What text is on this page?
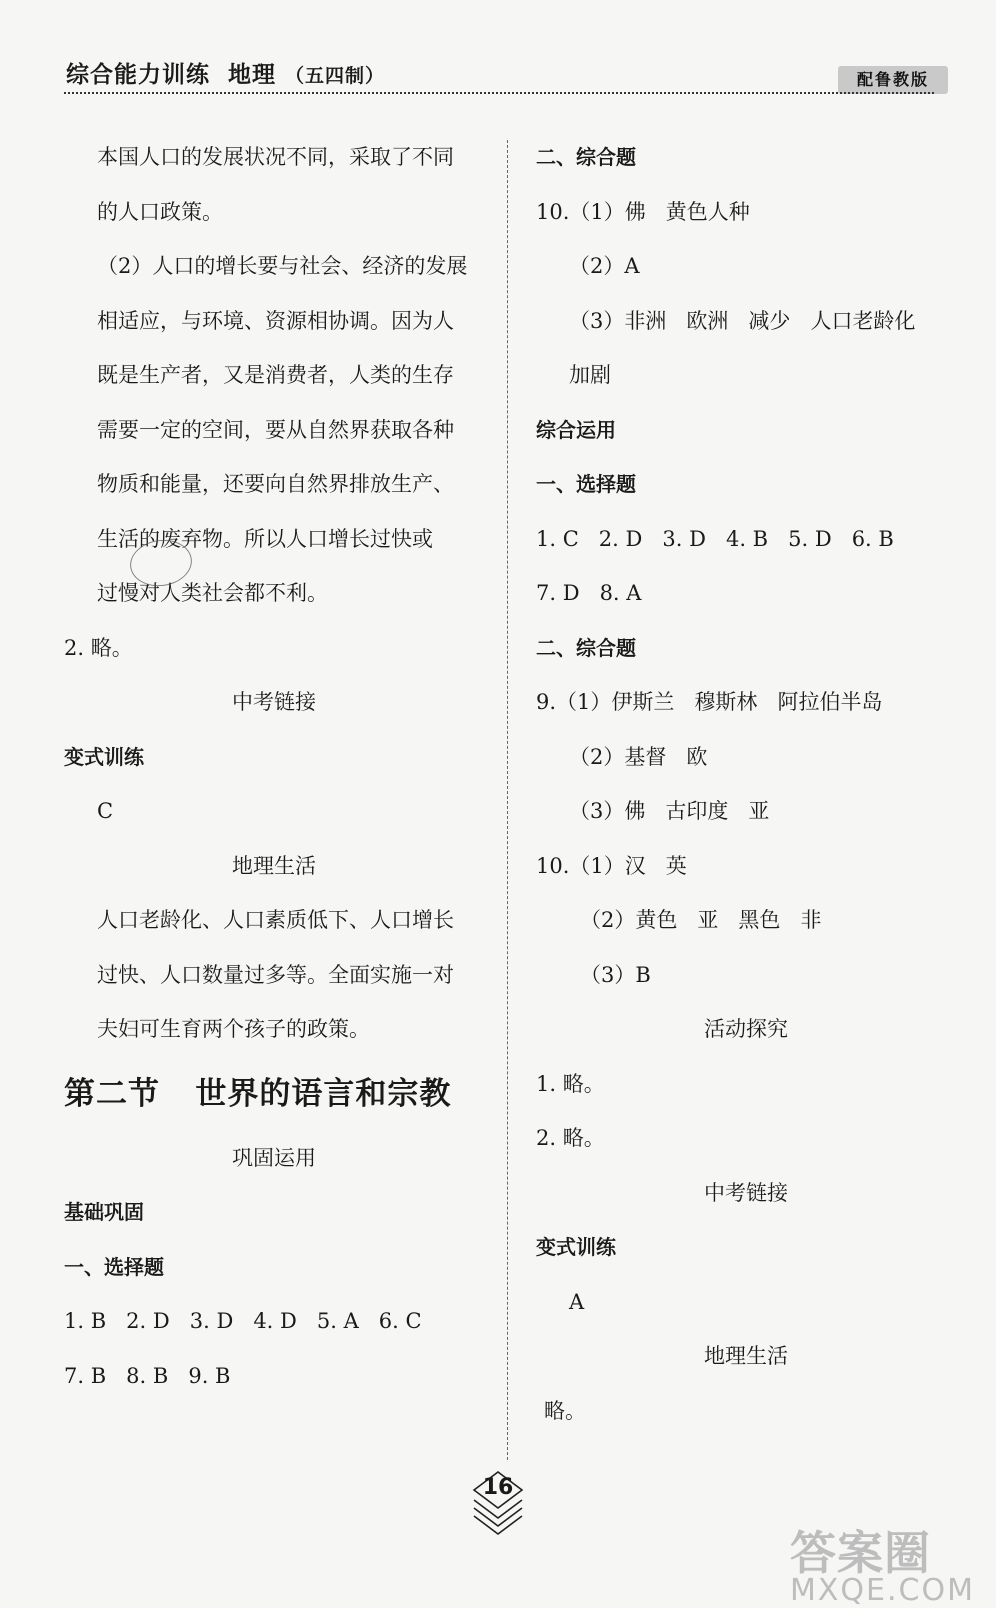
综合能力训练  地理 （五四制）	配鲁教版
本国人口的发展状况不同，采取了不同
的人口政策。
（2）人口的增长要与社会、经济的发展
相适应，与环境、资源相协调。因为人
既是生产者，又是消费者，人类的生存
需要一定的空间，要从自然界获取各种
物质和能量，还要向自然界排放生产、
生活的废弃物。所以人口增长过快或
过慢对人类社会都不利。
2. 略。
中考链接
变式训练
C
地理生活
人口老龄化、人口素质低下、人口增长
过快、人口数量过多等。全面实施一对
夫妇可生育两个孩子的政策。
第二节   世界的语言和宗教
巩固运用
基础巩固
一、选择题
1. B   2. D   3. D   4. D   5. A   6. C
7. B   8. B   9. B
二、综合题
10.（1）佛   黄色人种
（2）A
（3）非洲   欧洲   减少   人口老龄化
加剧
综合运用
一、选择题
1. C   2. D   3. D   4. B   5. D   6. B
7. D   8. A
二、综合题
9.（1）伊斯兰   穆斯林   阿拉伯半岛
（2）基督   欧
（3）佛   古印度   亚
10.（1）汉   英
（2）黄色   亚   黑色   非
（3）B
活动探究
1. 略。
2. 略。
中考链接
变式训练
A
地理生活
略。
16
答案圈
MXQE.COM
